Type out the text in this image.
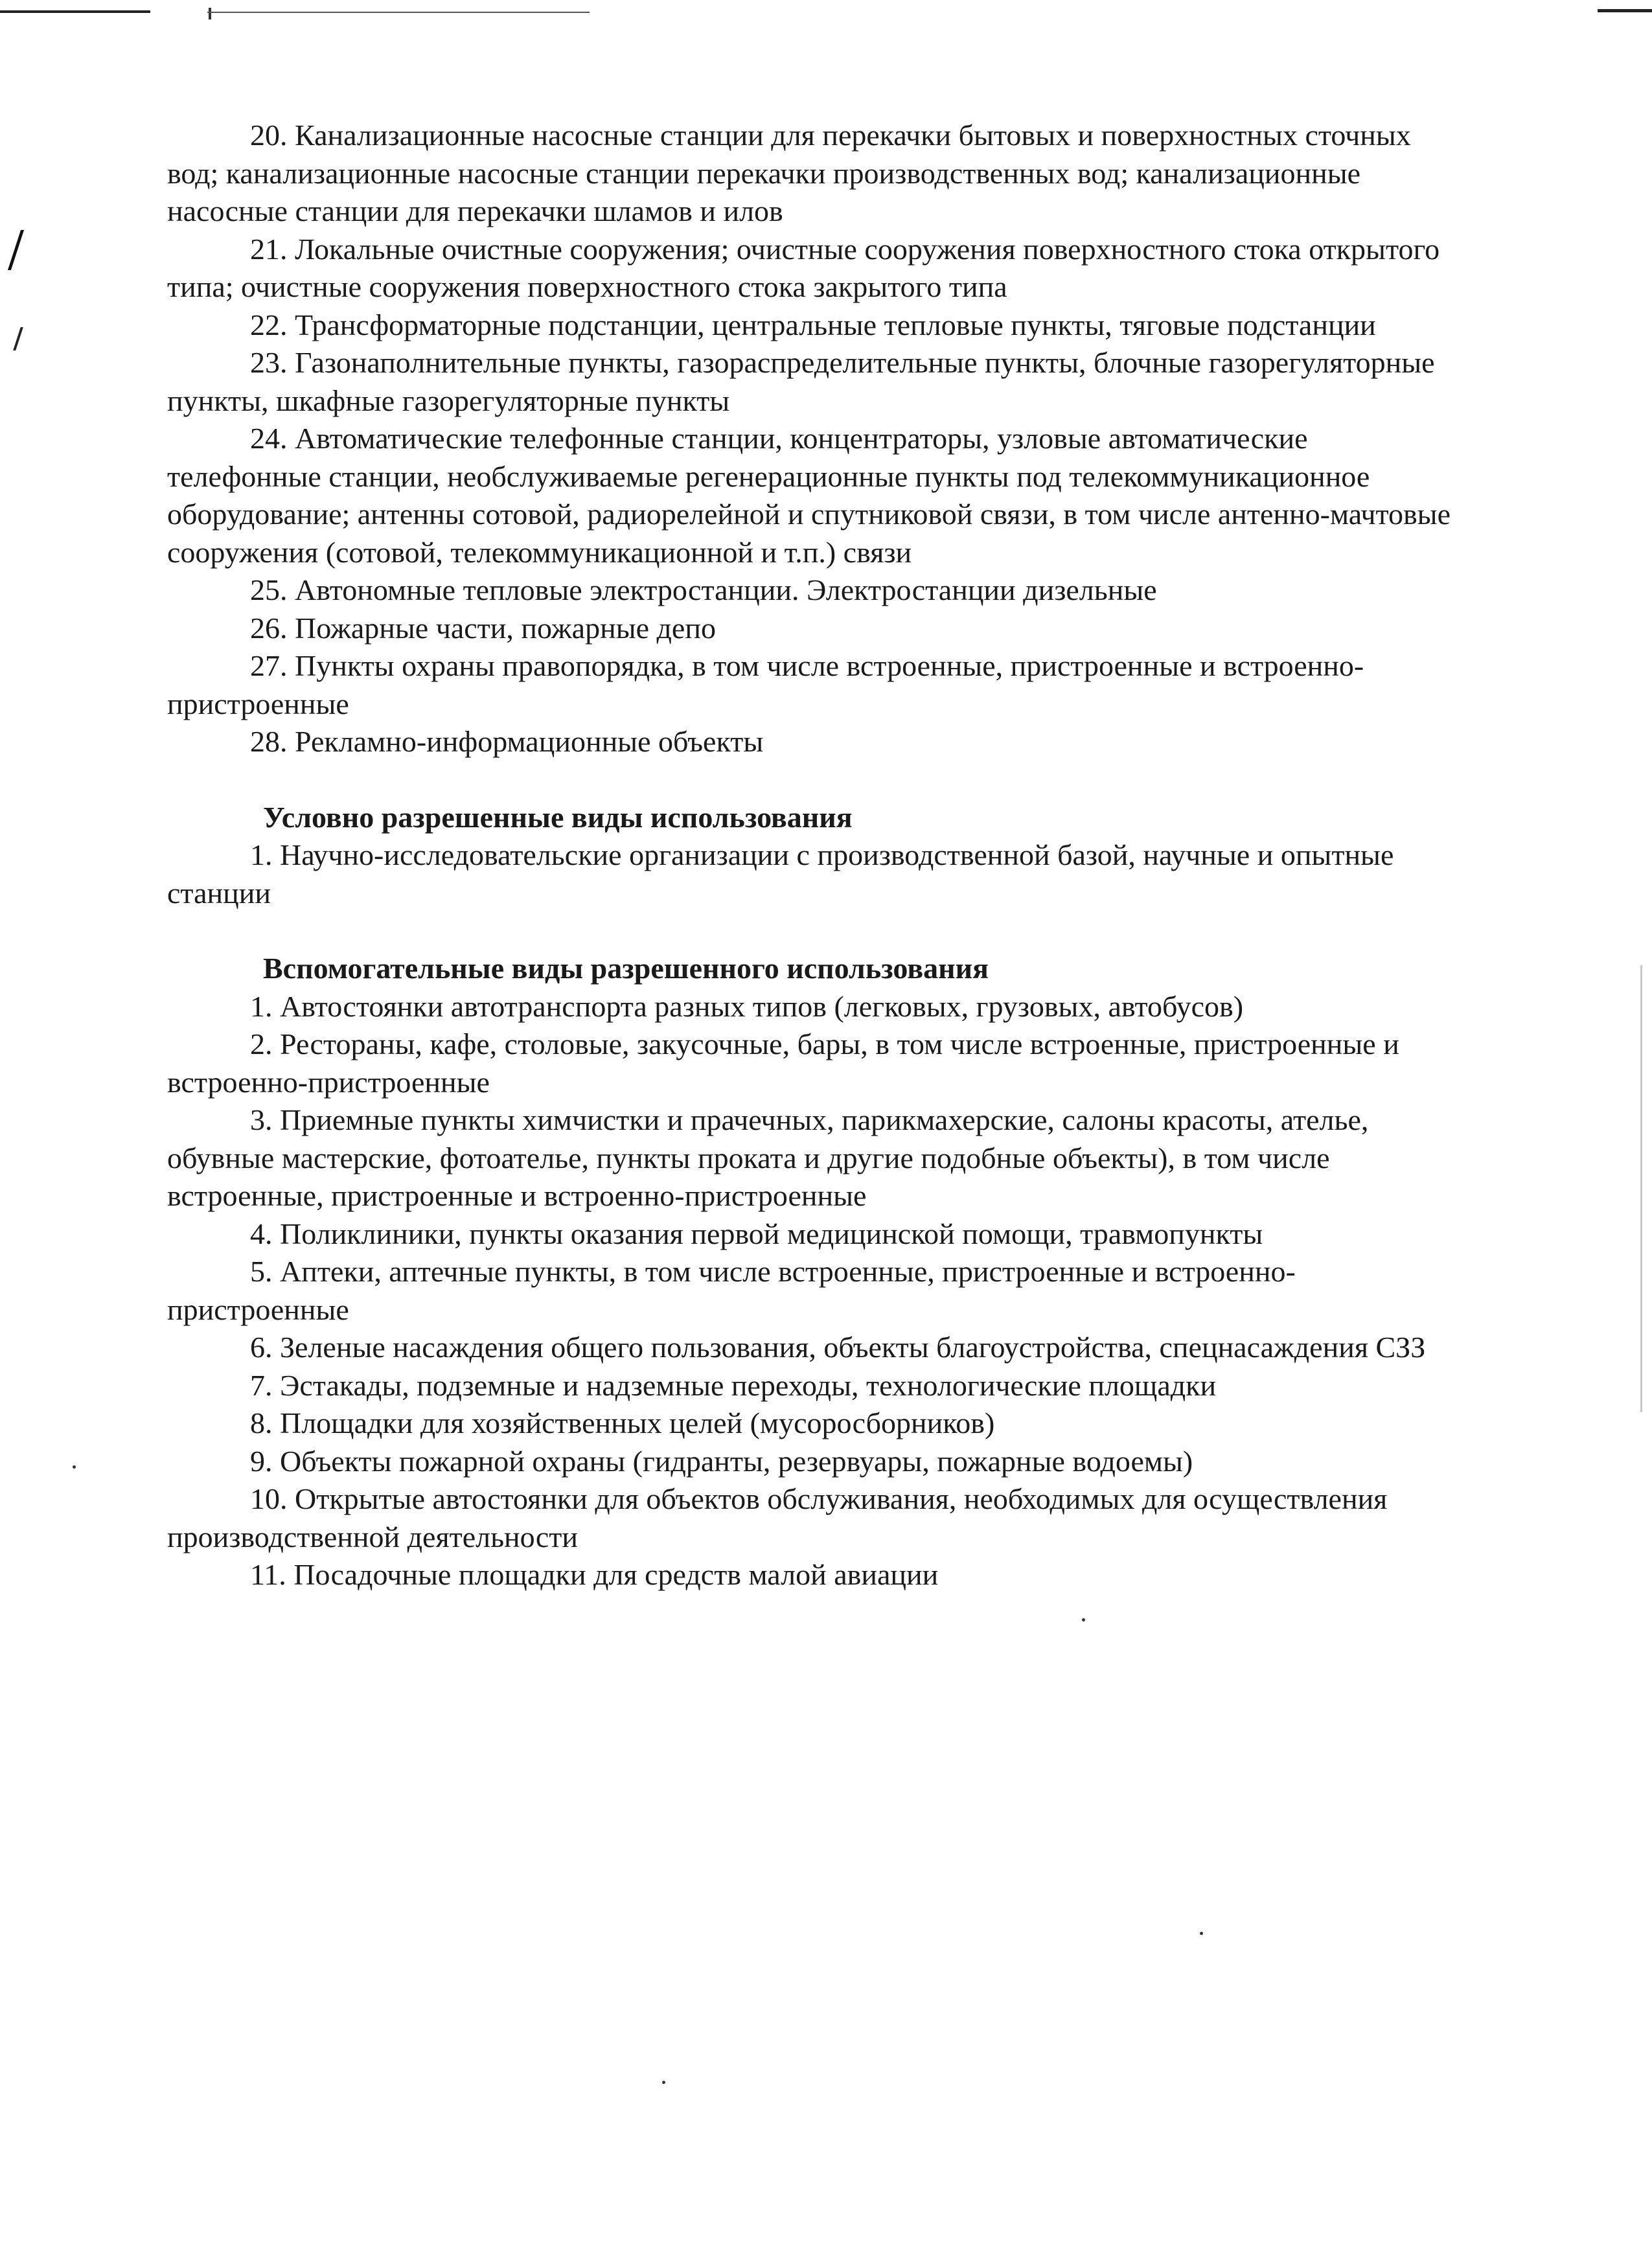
20. Канализационные насосные станции для перекачки бытовых и поверхностных сточных вод; канализационные насосные станции перекачки производственных вод; канализационные насосные станции для перекачки шламов и илов

21. Локальные очистные сооружения; очистные сооружения поверхностного стока открытого типа; очистные сооружения поверхностного стока закрытого типа

22. Трансформаторные подстанции, центральные тепловые пункты, тяговые подстанции

23. Газонаполнительные пункты, газораспределительные пункты, блочные газорегуляторные пункты, шкафные газорегуляторные пункты

24. Автоматические телефонные станции, концентраторы, узловые автоматические телефонные станции, необслуживаемые регенерационные пункты под телекоммуникационное оборудование; антенны сотовой, радиорелейной и спутниковой связи, в том числе антенно-мачтовые сооружения (сотовой, телекоммуникационной и т.п.) связи

25. Автономные тепловые электростанции. Электростанции дизельные

26. Пожарные части, пожарные депо

27. Пункты охраны правопорядка, в том числе встроенные, пристроенные и встроенно-пристроенные

28. Рекламно-информационные объекты

Условно разрешенные виды использования

1. Научно-исследовательские организации с производственной базой, научные и опытные станции

Вспомогательные виды разрешенного использования

1. Автостоянки автотранспорта разных типов (легковых, грузовых, автобусов)

2. Рестораны, кафе, столовые, закусочные, бары, в том числе встроенные, пристроенные и встроенно-пристроенные

3. Приемные пункты химчистки и прачечных, парикмахерские, салоны красоты, ателье, обувные мастерские, фотоателье, пункты проката и другие подобные объекты), в том числе встроенные, пристроенные и встроенно-пристроенные

4. Поликлиники, пункты оказания первой медицинской помощи, травмопункты

5. Аптеки, аптечные пункты, в том числе встроенные, пристроенные и встроенно-пристроенные

6. Зеленые насаждения общего пользования, объекты благоустройства, спецнасаждения СЗЗ

7. Эстакады, подземные и надземные переходы, технологические площадки

8. Площадки для хозяйственных целей (мусоросборников)

9. Объекты пожарной охраны (гидранты, резервуары, пожарные водоемы)

10. Открытые автостоянки для объектов обслуживания, необходимых для осуществления производственной деятельности

11. Посадочные площадки для средств малой авиации
